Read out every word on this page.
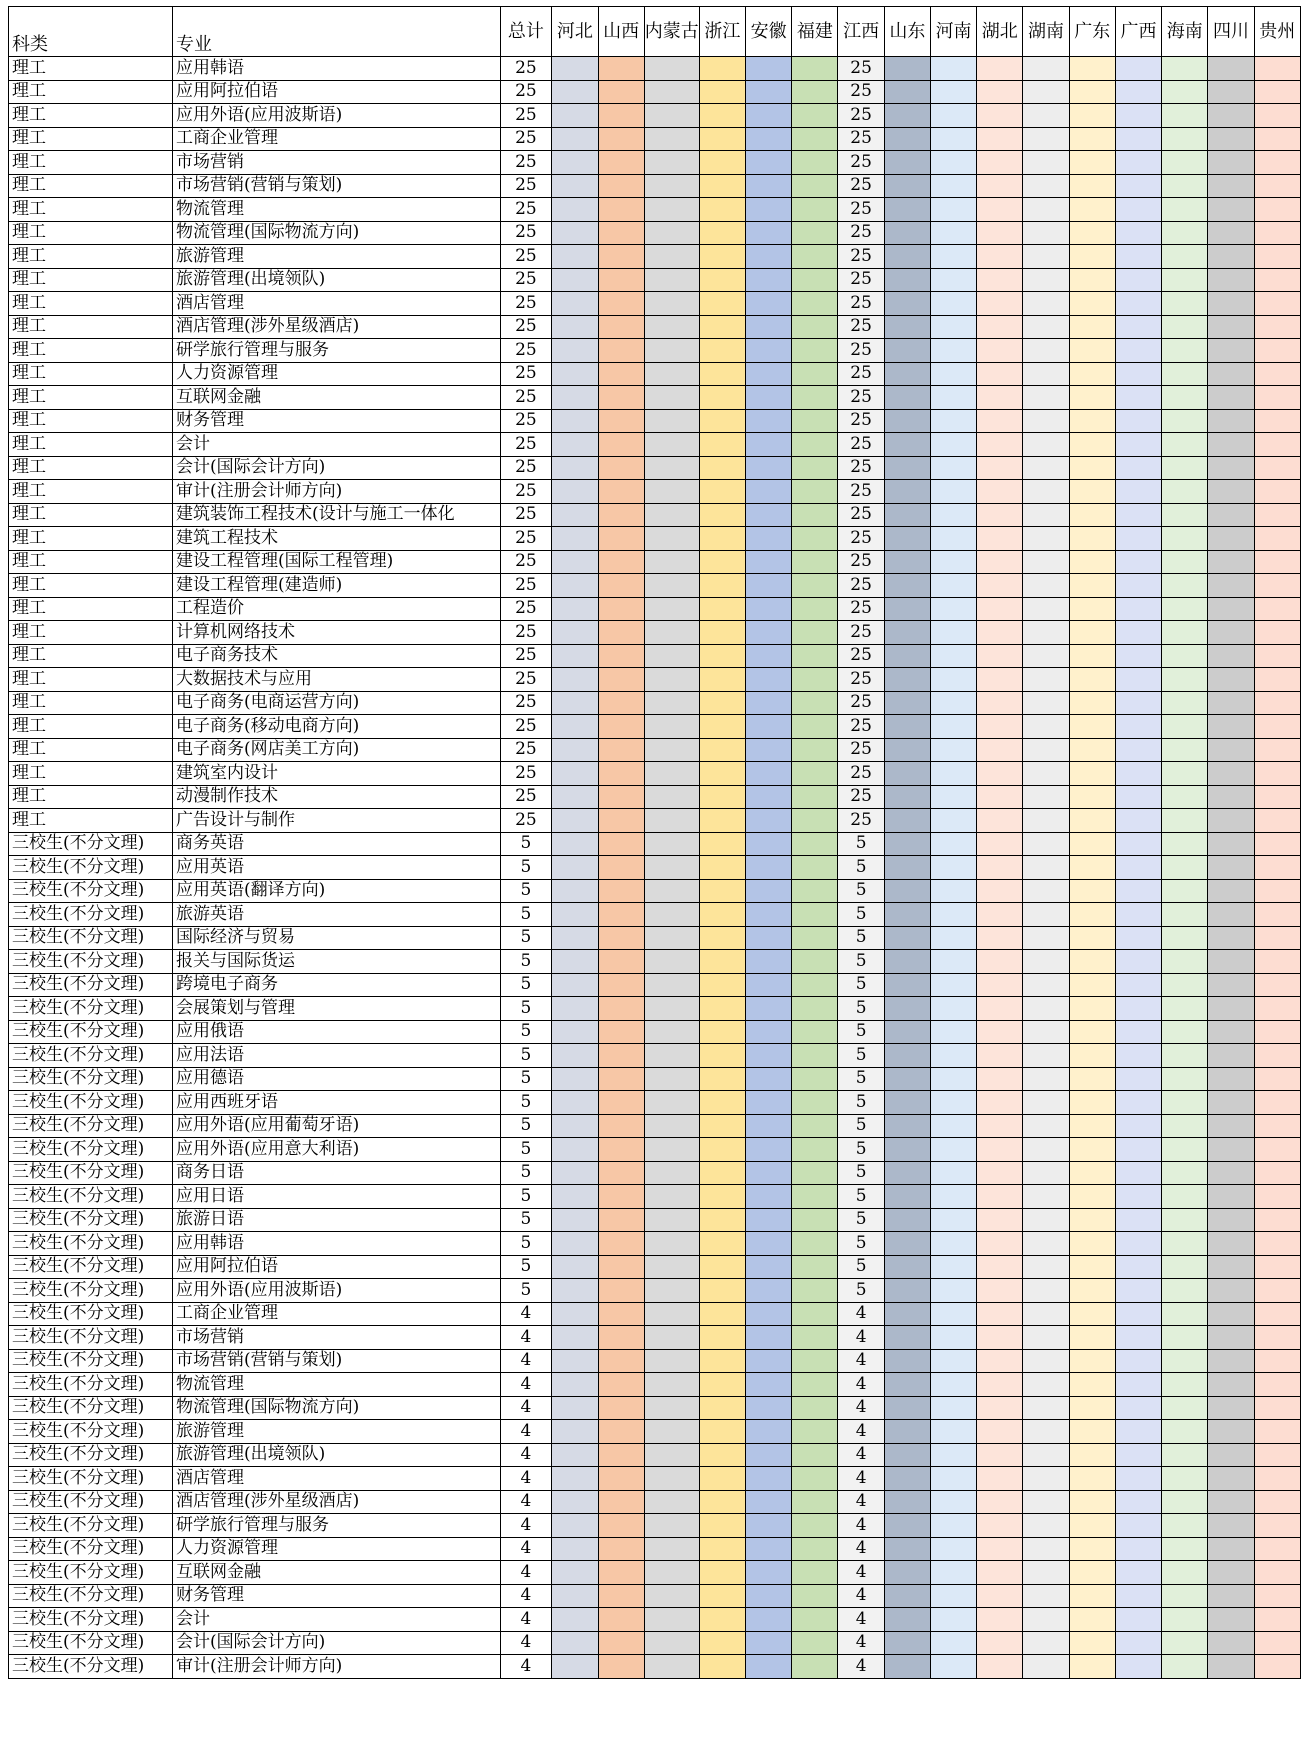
科类	专业	总计	河北	山西	内蒙古	浙江	安徽	福建	江西	山东	河南	湖北	湖南	广东	广西	海南	四川	贵州
理工	应用韩语	25							25									
理工	应用阿拉伯语	25							25									
理工	应用外语(应用波斯语)	25							25									
理工	工商企业管理	25							25									
理工	市场营销	25							25									
理工	市场营销(营销与策划)	25							25									
理工	物流管理	25							25									
理工	物流管理(国际物流方向)	25							25									
理工	旅游管理	25							25									
理工	旅游管理(出境领队)	25							25									
理工	酒店管理	25							25									
理工	酒店管理(涉外星级酒店)	25							25									
理工	研学旅行管理与服务	25							25									
理工	人力资源管理	25							25									
理工	互联网金融	25							25									
理工	财务管理	25							25									
理工	会计	25							25									
理工	会计(国际会计方向)	25							25									
理工	审计(注册会计师方向)	25							25									
理工	建筑装饰工程技术(设计与施工一体化	25							25									
理工	建筑工程技术	25							25									
理工	建设工程管理(国际工程管理)	25							25									
理工	建设工程管理(建造师)	25							25									
理工	工程造价	25							25									
理工	计算机网络技术	25							25									
理工	电子商务技术	25							25									
理工	大数据技术与应用	25							25									
理工	电子商务(电商运营方向)	25							25									
理工	电子商务(移动电商方向)	25							25									
理工	电子商务(网店美工方向)	25							25									
理工	建筑室内设计	25							25									
理工	动漫制作技术	25							25									
理工	广告设计与制作	25							25									
三校生(不分文理)	商务英语	5							5									
三校生(不分文理)	应用英语	5							5									
三校生(不分文理)	应用英语(翻译方向)	5							5									
三校生(不分文理)	旅游英语	5							5									
三校生(不分文理)	国际经济与贸易	5							5									
三校生(不分文理)	报关与国际货运	5							5									
三校生(不分文理)	跨境电子商务	5							5									
三校生(不分文理)	会展策划与管理	5							5									
三校生(不分文理)	应用俄语	5							5									
三校生(不分文理)	应用法语	5							5									
三校生(不分文理)	应用德语	5							5									
三校生(不分文理)	应用西班牙语	5							5									
三校生(不分文理)	应用外语(应用葡萄牙语)	5							5									
三校生(不分文理)	应用外语(应用意大利语)	5							5									
三校生(不分文理)	商务日语	5							5									
三校生(不分文理)	应用日语	5							5									
三校生(不分文理)	旅游日语	5							5									
三校生(不分文理)	应用韩语	5							5									
三校生(不分文理)	应用阿拉伯语	5							5									
三校生(不分文理)	应用外语(应用波斯语)	5							5									
三校生(不分文理)	工商企业管理	4							4									
三校生(不分文理)	市场营销	4							4									
三校生(不分文理)	市场营销(营销与策划)	4							4									
三校生(不分文理)	物流管理	4							4									
三校生(不分文理)	物流管理(国际物流方向)	4							4									
三校生(不分文理)	旅游管理	4							4									
三校生(不分文理)	旅游管理(出境领队)	4							4									
三校生(不分文理)	酒店管理	4							4									
三校生(不分文理)	酒店管理(涉外星级酒店)	4							4									
三校生(不分文理)	研学旅行管理与服务	4							4									
三校生(不分文理)	人力资源管理	4							4									
三校生(不分文理)	互联网金融	4							4									
三校生(不分文理)	财务管理	4							4									
三校生(不分文理)	会计	4							4									
三校生(不分文理)	会计(国际会计方向)	4							4									
三校生(不分文理)	审计(注册会计师方向)	4							4									
